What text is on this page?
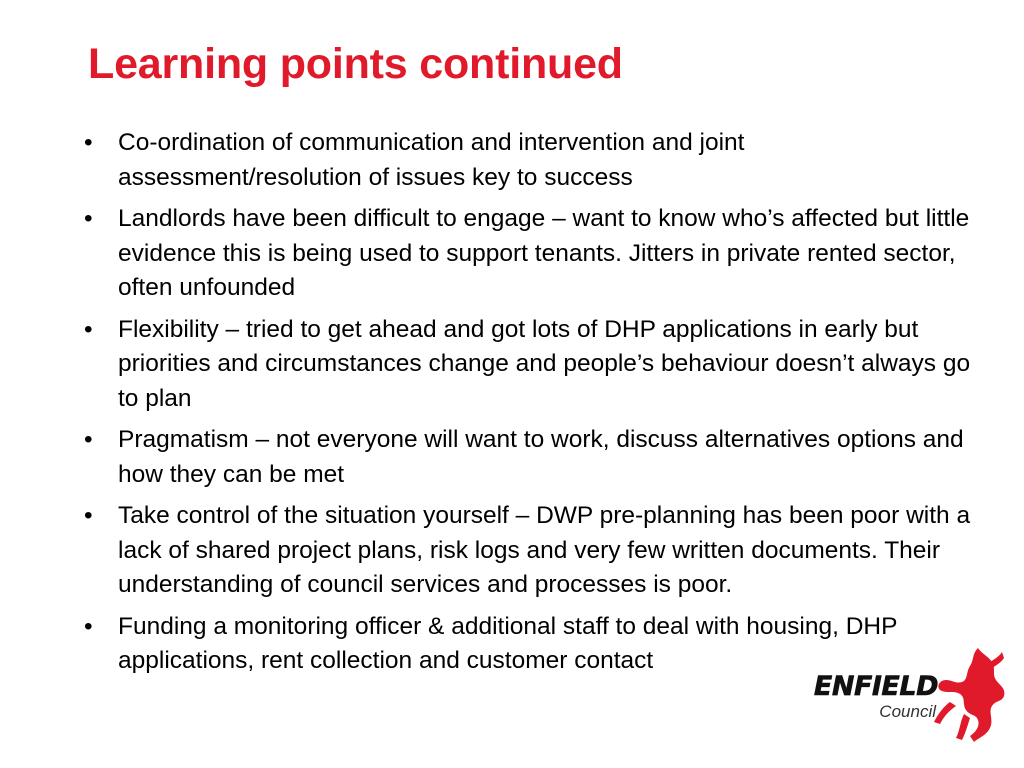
Learning points continued
• Co-ordination of communication and intervention and joint assessment/resolution of issues key to success
• Landlords have been difficult to engage – want to know who’s affected but little evidence this is being used to support tenants. Jitters in private rented sector, often unfounded
• Flexibility – tried to get ahead and got lots of DHP applications in early but priorities and circumstances change and people’s behaviour doesn’t always go to plan
• Pragmatism – not everyone will want to work, discuss alternatives options and how they can be met
• Take control of the situation yourself – DWP pre-planning has been poor with a lack of shared project plans, risk logs and very few written documents. Their understanding of council services and processes is poor.
• Funding a monitoring officer & additional staff to deal with housing, DHP applications, rent collection and customer contact
ENFIELD
Council
